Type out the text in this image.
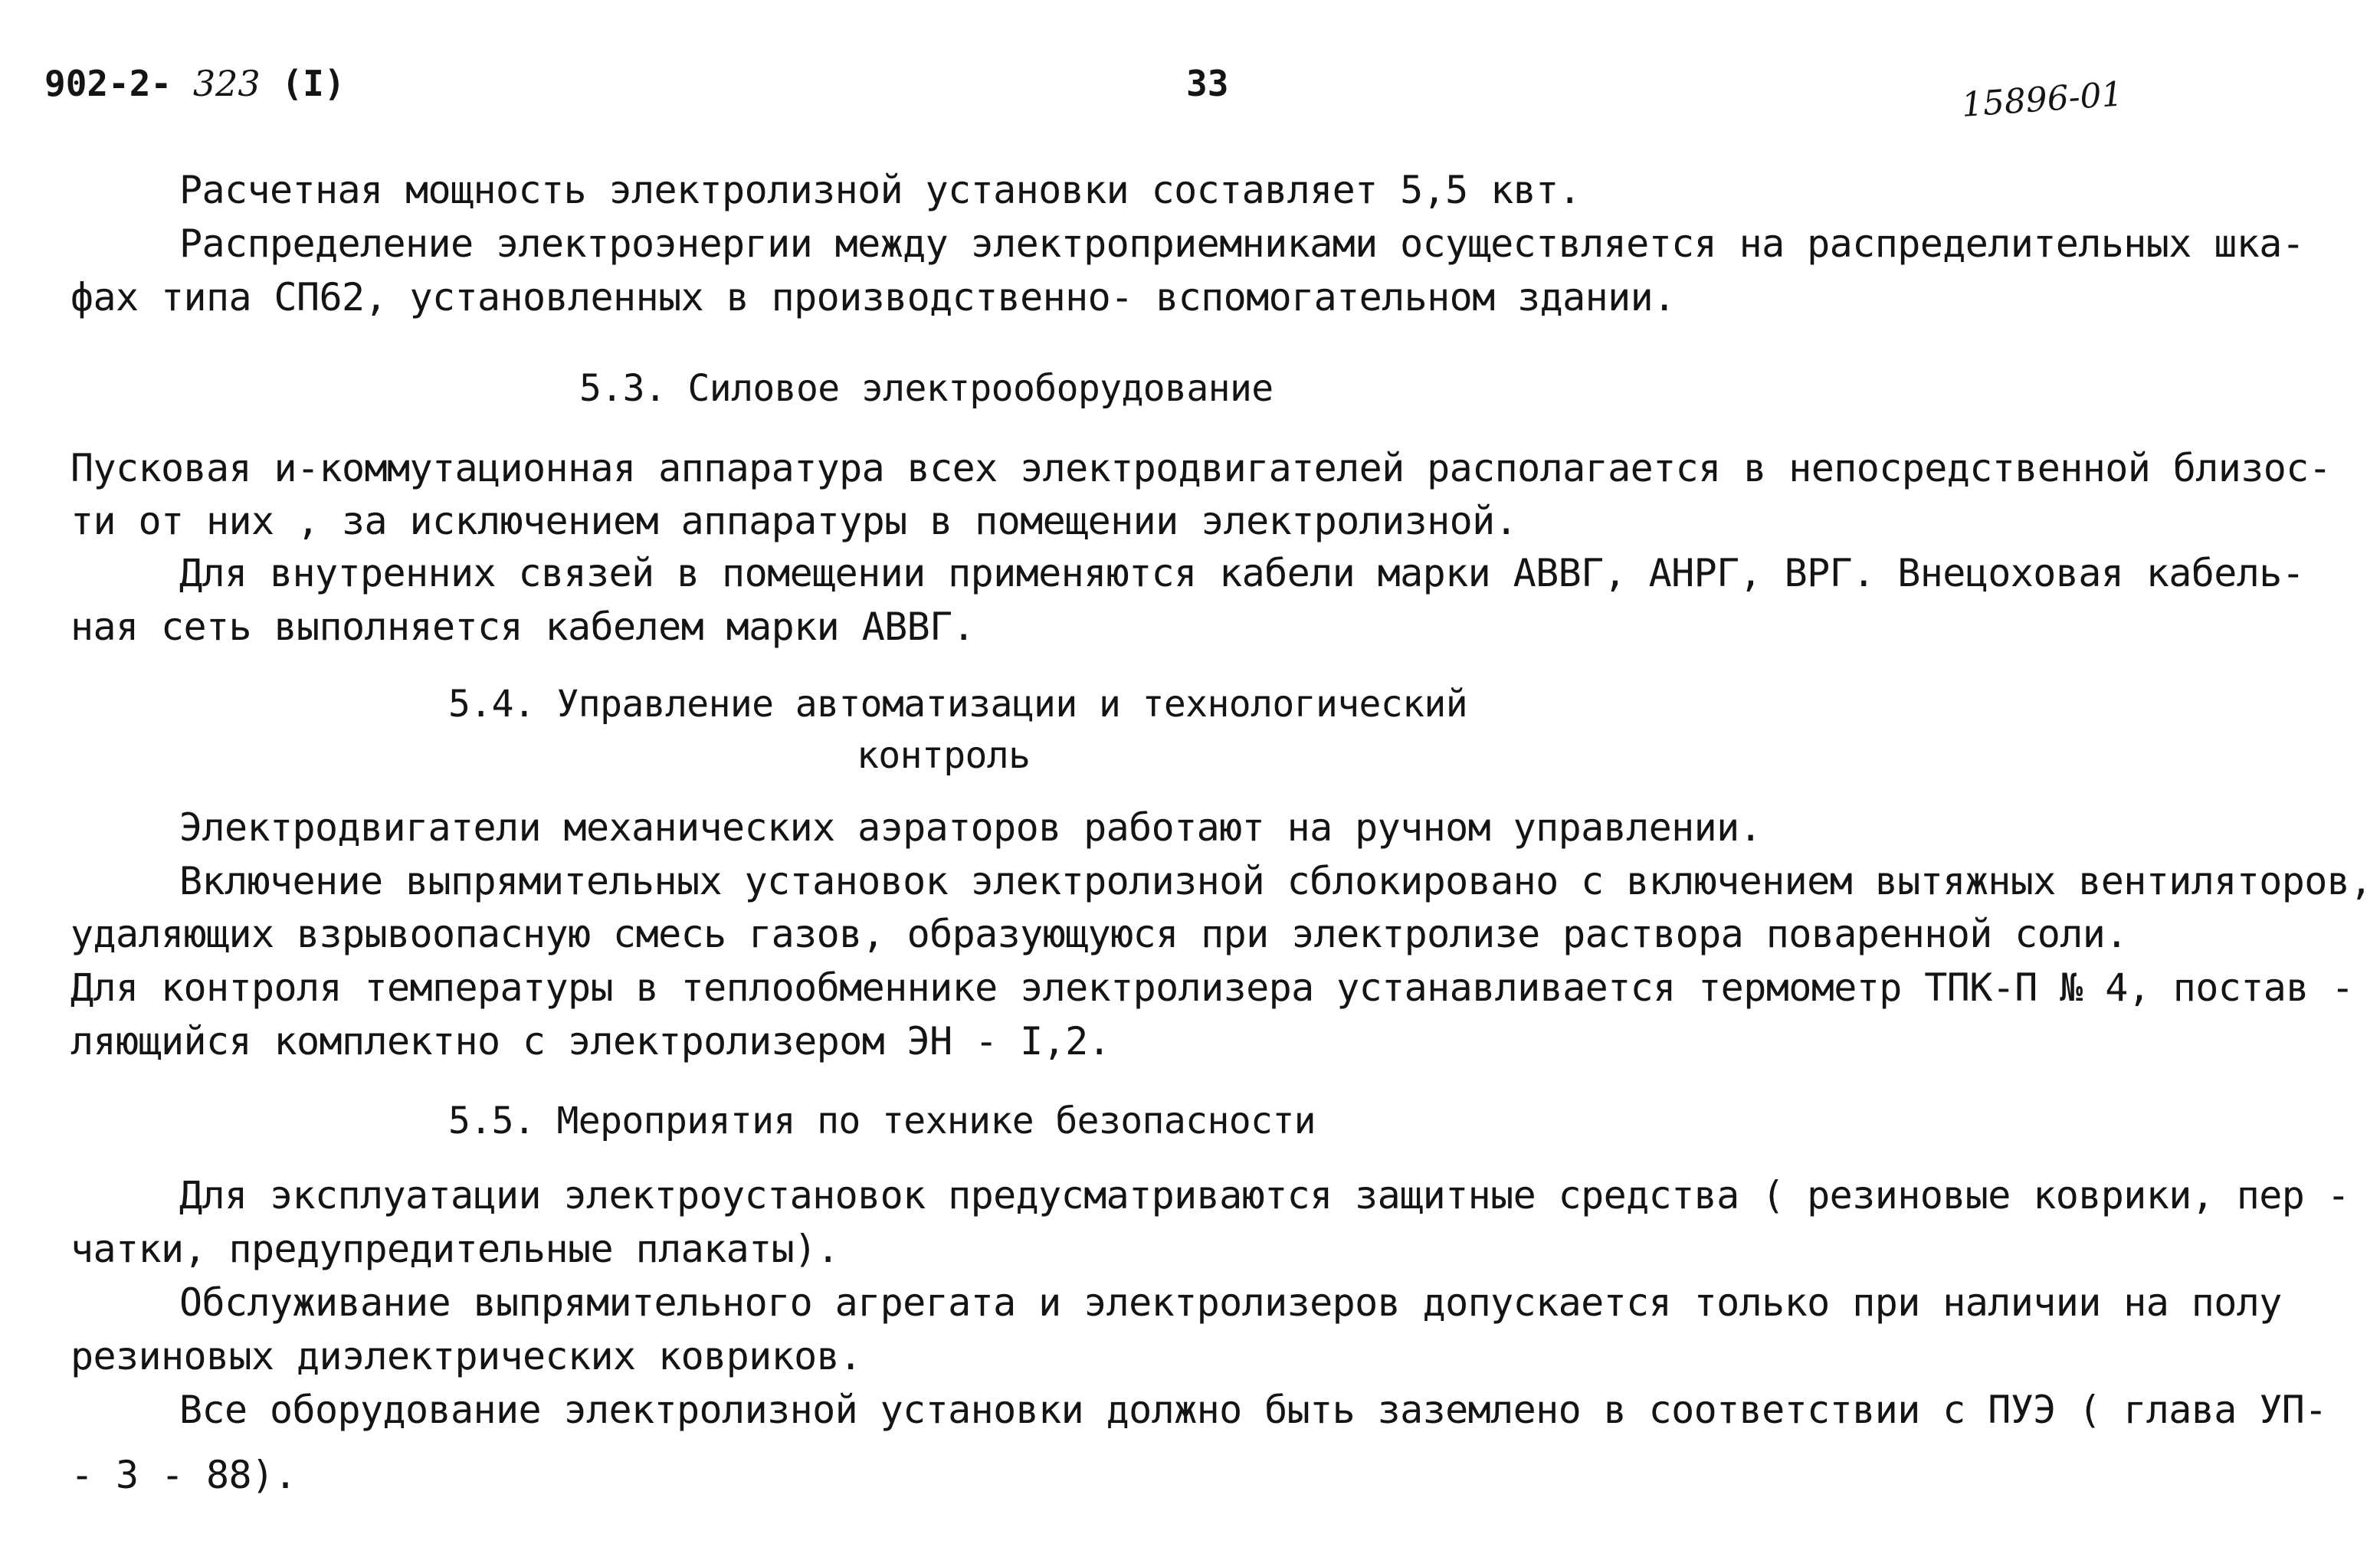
902-2- 323 (I)	33	15896-01
Расчетная мощность электролизной установки составляет 5,5 квт.
Распределение электроэнергии между электроприемниками осуществляется на распределительных шка-
фах типа СП62, установленных в производственно- вспомогательном здании.
5.3. Силовое электрооборудование
Пусковая и-коммутационная аппаратура всех электродвигателей располагается в непосредственной близос-
ти от них , за исключением аппаратуры в помещении электролизной.
Для внутренних связей в помещении применяются кабели марки АВВГ, АНРГ, ВРГ. Внецоховая кабель-
ная сеть выполняется кабелем марки АВВГ.
5.4. Управление автоматизации и технологический
контроль
Электродвигатели механических аэраторов работают на ручном управлении.
Включение выпрямительных установок электролизной сблокировано с включением вытяжных вентиляторов,
удаляющих взрывоопасную смесь газов, образующуюся при электролизе раствора поваренной соли.
Для контроля температуры в теплообменнике электролизера устанавливается термометр ТПК-П № 4, постав -
ляющийся комплектно с электролизером ЭН - I,2.
5.5. Мероприятия по технике безопасности
Для эксплуатации электроустановок предусматриваются защитные средства ( резиновые коврики, пер -
чатки, предупредительные плакаты).
Обслуживание выпрямительного агрегата и электролизеров допускается только при наличии на полу
резиновых диэлектрических ковриков.
Все оборудование электролизной установки должно быть заземлено в соответствии с ПУЭ ( глава УП-
- 3 - 88).
